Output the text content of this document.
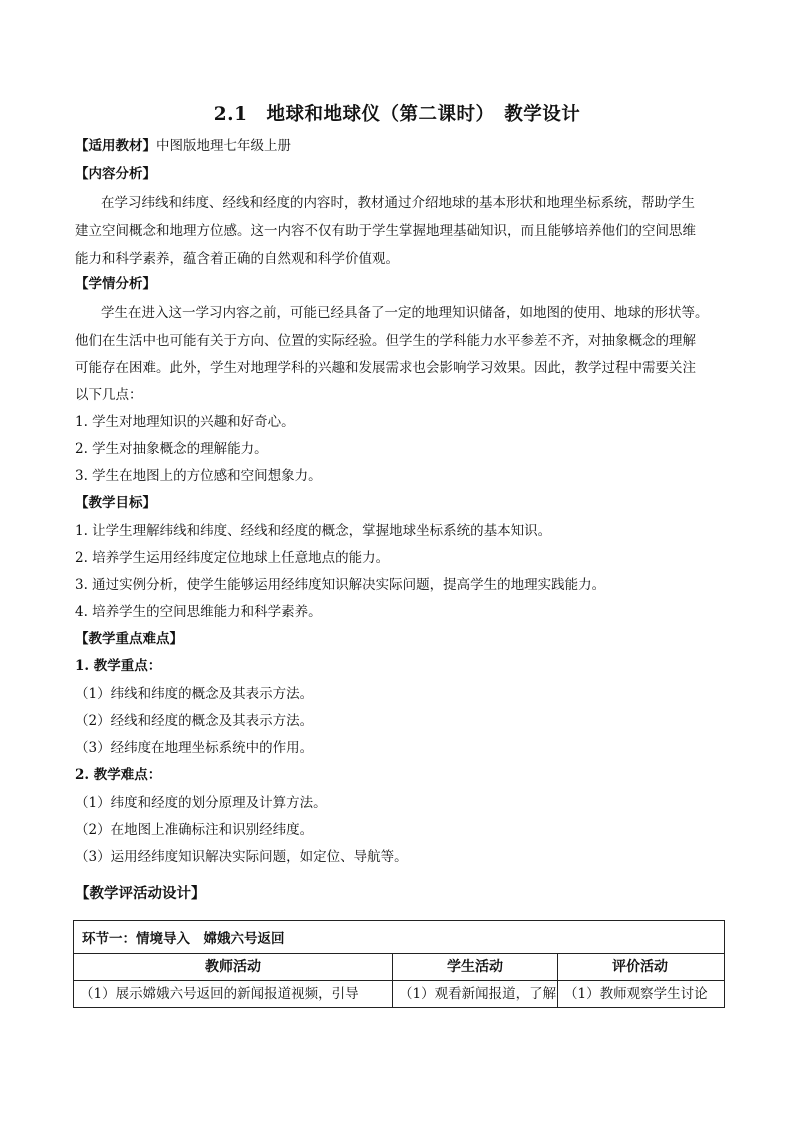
2.1　地球和地球仪（第二课时）　教学设计
【适用教材】中图版地理七年级上册
【内容分析】
在学习纬线和纬度、经线和经度的内容时，教材通过介绍地球的基本形状和地理坐标系统，帮助学生
建立空间概念和地理方位感。这一内容不仅有助于学生掌握地理基础知识，而且能够培养他们的空间思维
能力和科学素养，蕴含着正确的自然观和科学价值观。
【学情分析】
学生在进入这一学习内容之前，可能已经具备了一定的地理知识储备，如地图的使用、地球的形状等。
他们在生活中也可能有关于方向、位置的实际经验。但学生的学科能力水平参差不齐，对抽象概念的理解
可能存在困难。此外，学生对地理学科的兴趣和发展需求也会影响学习效果。因此，教学过程中需要关注
以下几点：
1. 学生对地理知识的兴趣和好奇心。
2. 学生对抽象概念的理解能力。
3. 学生在地图上的方位感和空间想象力。
【教学目标】
1. 让学生理解纬线和纬度、经线和经度的概念，掌握地球坐标系统的基本知识。
2. 培养学生运用经纬度定位地球上任意地点的能力。
3. 通过实例分析，使学生能够运用经纬度知识解决实际问题，提高学生的地理实践能力。
4. 培养学生的空间思维能力和科学素养。
【教学重点难点】
1. 教学重点：
（1）纬线和纬度的概念及其表示方法。
（2）经线和经度的概念及其表示方法。
（3）经纬度在地理坐标系统中的作用。
2. 教学难点：
（1）纬度和经度的划分原理及计算方法。
（2）在地图上准确标注和识别经纬度。
（3）运用经纬度知识解决实际问题，如定位、导航等。
【教学评活动设计】
环节一：情境导入　嫦娥六号返回
教师活动	学生活动	评价活动
（1）展示嫦娥六号返回的新闻报道视频，引导	（1）观看新闻报道，了解 （1）教师观察学生讨论
